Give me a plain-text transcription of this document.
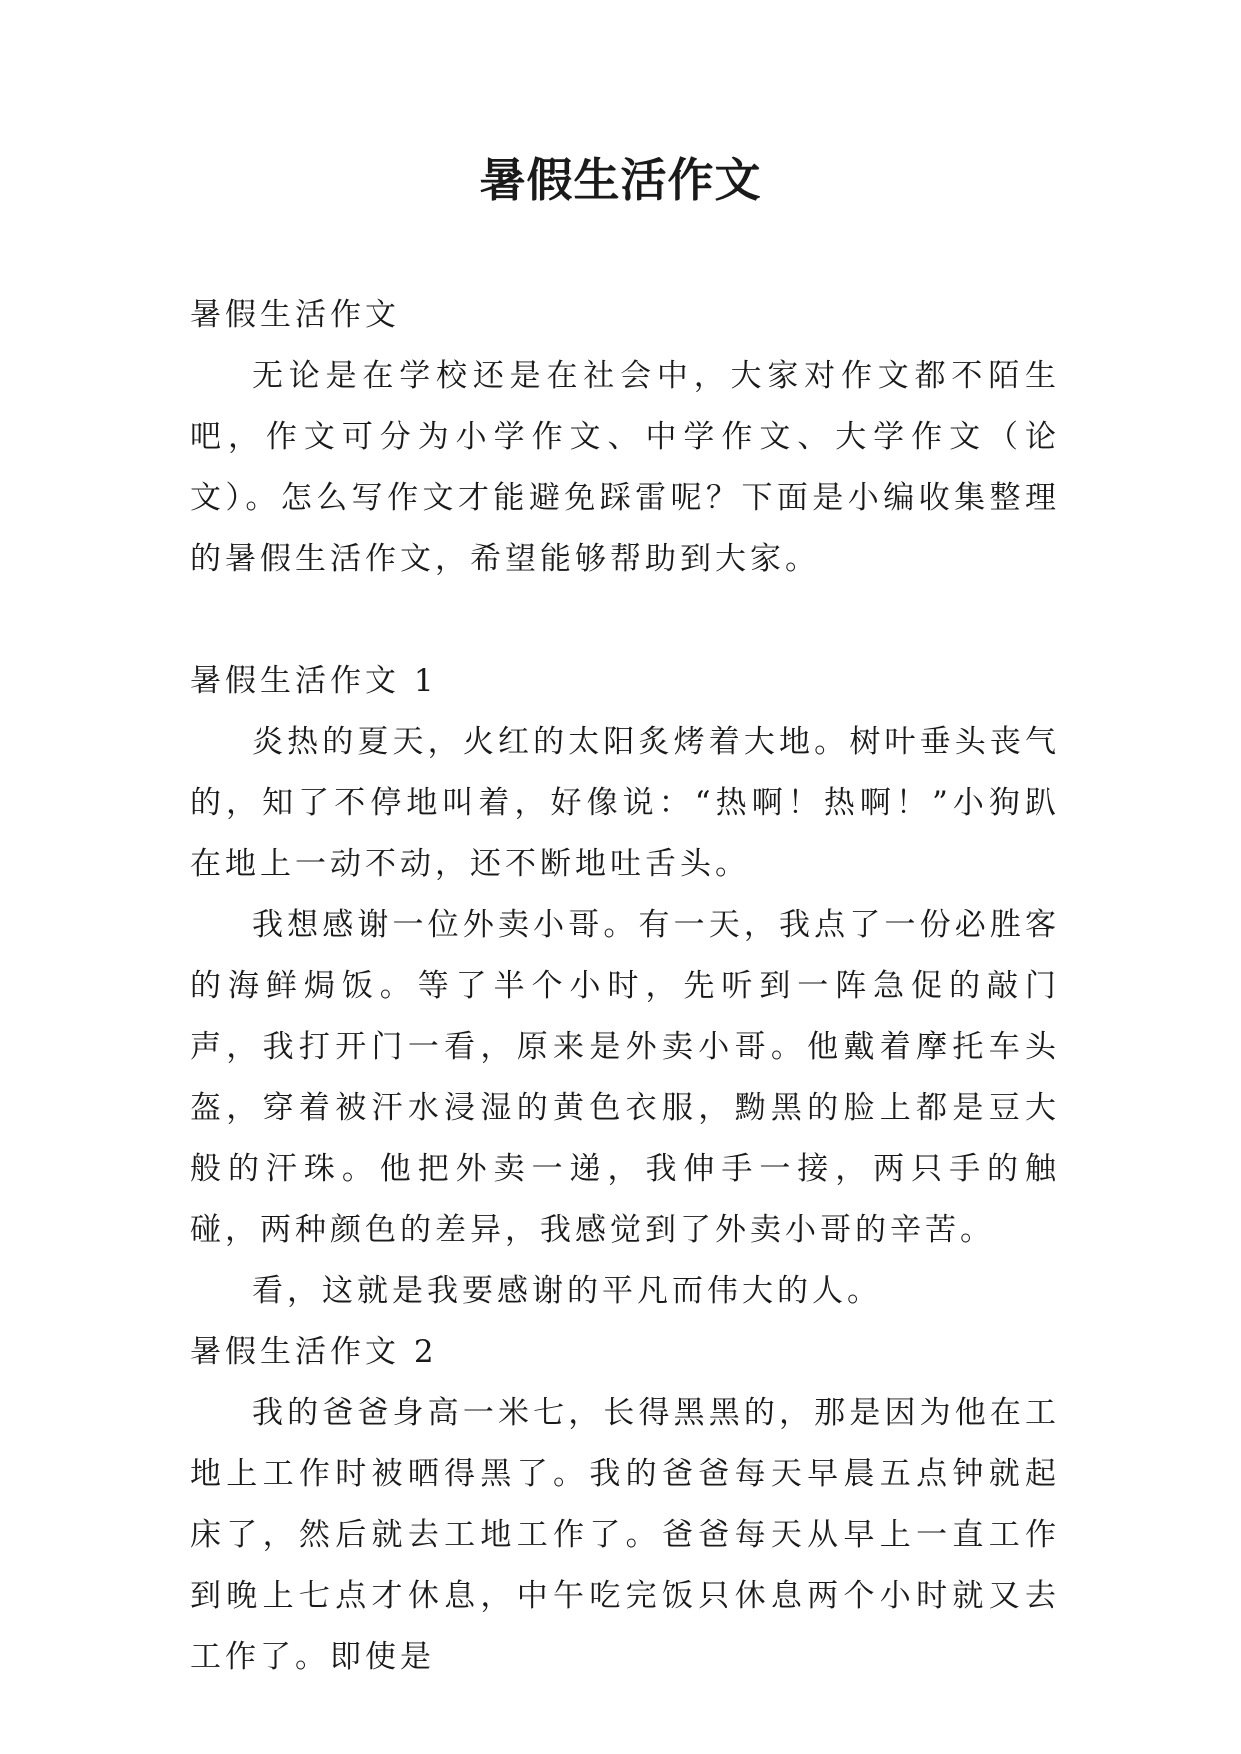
暑假生活作文

暑假生活作文

无论是在学校还是在社会中，大家对作文都不陌生吧，作文可分为小学作文、中学作文、大学作文（论文）。怎么写作文才能避免踩雷呢？下面是小编收集整理的暑假生活作文，希望能够帮助到大家。

暑假生活作文 1

炎热的夏天，火红的太阳炙烤着大地。树叶垂头丧气的，知了不停地叫着，好像说：“热啊！热啊！”小狗趴在地上一动不动，还不断地吐舌头。

我想感谢一位外卖小哥。有一天，我点了一份必胜客的海鲜焗饭。等了半个小时，先听到一阵急促的敲门声，我打开门一看，原来是外卖小哥。他戴着摩托车头盔，穿着被汗水浸湿的黄色衣服，黝黑的脸上都是豆大般的汗珠。他把外卖一递，我伸手一接，两只手的触碰，两种颜色的差异，我感觉到了外卖小哥的辛苦。

看，这就是我要感谢的平凡而伟大的人。

暑假生活作文 2

我的爸爸身高一米七，长得黑黑的，那是因为他在工地上工作时被晒得黑了。我的爸爸每天早晨五点钟就起床了，然后就去工地工作了。爸爸每天从早上一直工作到晚上七点才休息，中午吃完饭只休息两个小时就又去工作了。即使是
